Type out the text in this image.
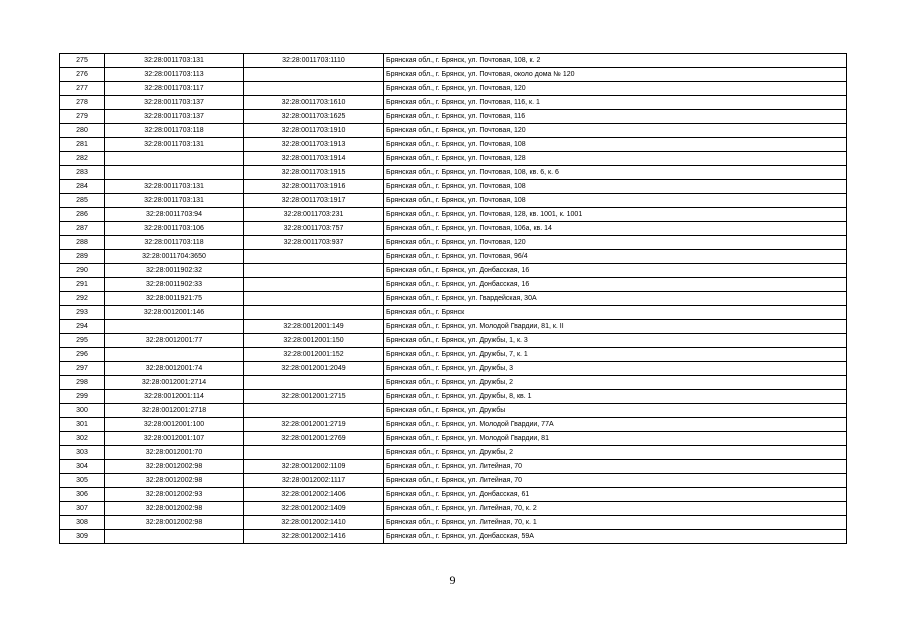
275	32:28:0011703:131	32:28:0011703:1110	Брянская обл., г. Брянск, ул. Почтовая, 108, к. 2
276	32:28:0011703:113		Брянская обл., г. Брянск, ул. Почтовая, около дома № 120
277	32:28:0011703:117		Брянская обл., г. Брянск, ул. Почтовая, 120
278	32:28:0011703:137	32:28:0011703:1610	Брянская обл., г. Брянск, ул. Почтовая, 116, к. 1
279	32:28:0011703:137	32:28:0011703:1625	Брянская обл., г. Брянск, ул. Почтовая, 116
280	32:28:0011703:118	32:28:0011703:1910	Брянская обл., г. Брянск, ул. Почтовая, 120
281	32:28:0011703:131	32:28:0011703:1913	Брянская обл., г. Брянск, ул. Почтовая, 108
282		32:28:0011703:1914	Брянская обл., г. Брянск, ул. Почтовая, 128
283		32:28:0011703:1915	Брянская обл., г. Брянск, ул. Почтовая, 108, кв. 6, к. 6
284	32:28:0011703:131	32:28:0011703:1916	Брянская обл., г. Брянск, ул. Почтовая, 108
285	32:28:0011703:131	32:28:0011703:1917	Брянская обл., г. Брянск, ул. Почтовая, 108
286	32:28:0011703:94	32:28:0011703:231	Брянская обл., г. Брянск, ул. Почтовая, 128, кв. 1001, к. 1001
287	32:28:0011703:106	32:28:0011703:757	Брянская обл., г. Брянск, ул. Почтовая, 106а, кв. 14
288	32:28:0011703:118	32:28:0011703:937	Брянская обл., г. Брянск, ул. Почтовая, 120
289	32:28:0011704:3650		Брянская обл., г. Брянск, ул. Почтовая, 96/4
290	32:28:0011902:32		Брянская обл., г. Брянск, ул. Донбасская, 16
291	32:28:0011902:33		Брянская обл., г. Брянск, ул. Донбасская, 16
292	32:28:0011921:75		Брянская обл., г. Брянск, ул. Гвардейская, 30А
293	32:28:0012001:146		Брянская обл., г. Брянск
294		32:28:0012001:149	Брянская обл., г. Брянск, ул. Молодой Гвардии, 81, к. II
295	32:28:0012001:77	32:28:0012001:150	Брянская обл., г. Брянск, ул. Дружбы, 1, к. 3
296		32:28:0012001:152	Брянская обл., г. Брянск, ул. Дружбы, 7, к. 1
297	32:28:0012001:74	32:28:0012001:2049	Брянская обл., г. Брянск, ул. Дружбы, 3
298	32:28:0012001:2714		Брянская обл., г. Брянск, ул. Дружбы, 2
299	32:28:0012001:114	32:28:0012001:2715	Брянская обл., г. Брянск, ул. Дружбы, 8, кв. 1
300	32:28:0012001:2718		Брянская обл., г. Брянск, ул. Дружбы
301	32:28:0012001:100	32:28:0012001:2719	Брянская обл., г. Брянск, ул. Молодой Гвардии, 77А
302	32:28:0012001:107	32:28:0012001:2769	Брянская обл., г. Брянск, ул. Молодой Гвардии, 81
303	32:28:0012001:70		Брянская обл., г. Брянск, ул. Дружбы, 2
304	32:28:0012002:98	32:28:0012002:1109	Брянская обл., г. Брянск, ул. Литейная, 70
305	32:28:0012002:98	32:28:0012002:1117	Брянская обл., г. Брянск, ул. Литейная, 70
306	32:28:0012002:93	32:28:0012002:1406	Брянская обл., г. Брянск, ул. Донбасская, 61
307	32:28:0012002:98	32:28:0012002:1409	Брянская обл., г. Брянск, ул. Литейная, 70, к. 2
308	32:28:0012002:98	32:28:0012002:1410	Брянская обл., г. Брянск, ул. Литейная, 70, к. 1
309		32:28:0012002:1416	Брянская обл., г. Брянск, ул. Донбасская, 59А
9
